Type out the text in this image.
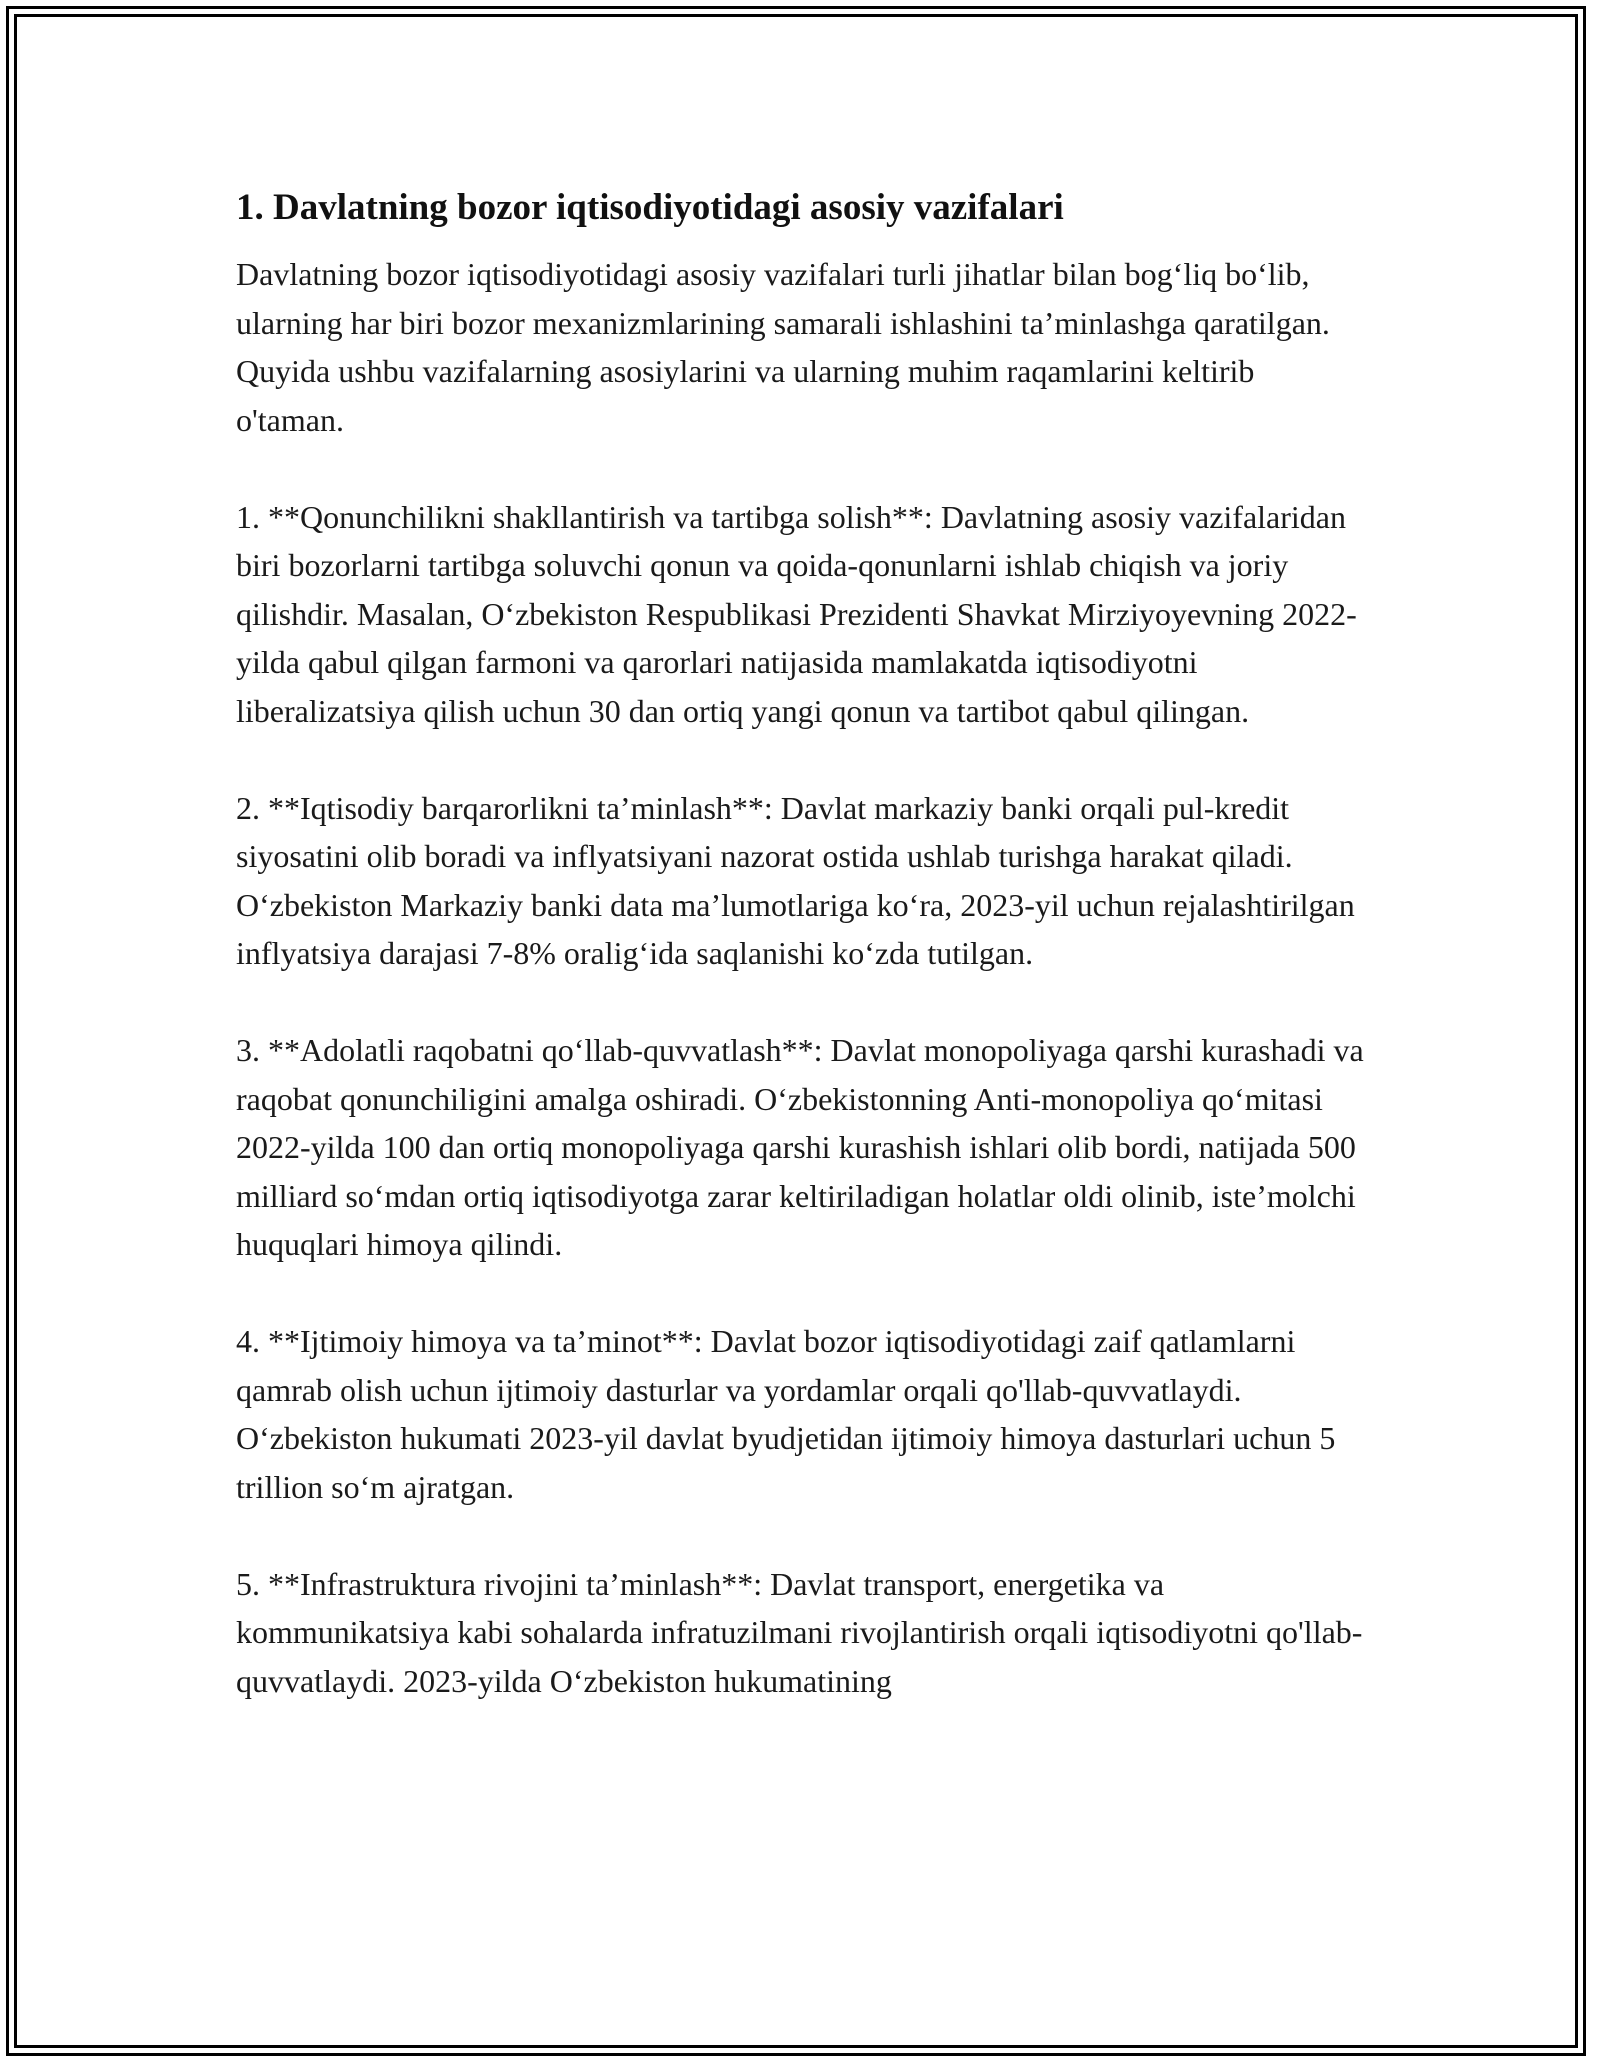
1. Davlatning bozor iqtisodiyotidagi asosiy vazifalari

Davlatning bozor iqtisodiyotidagi asosiy vazifalari turli jihatlar bilan bog‘liq bo‘lib, ularning har biri bozor mexanizmlarining samarali ishlashini ta’minlashga qaratilgan. Quyida ushbu vazifalarning asosiylarini va ularning muhim raqamlarini keltirib o'taman.

1. **Qonunchilikni shakllantirish va tartibga solish**: Davlatning asosiy vazifalaridan biri bozorlarni tartibga soluvchi qonun va qoida-qonunlarni ishlab chiqish va joriy qilishdir. Masalan, O‘zbekiston Respublikasi Prezidenti Shavkat Mirziyoyevning 2022-yilda qabul qilgan farmoni va qarorlari natijasida mamlakatda iqtisodiyotni liberalizatsiya qilish uchun 30 dan ortiq yangi qonun va tartibot qabul qilingan.

2. **Iqtisodiy barqarorlikni ta’minlash**: Davlat markaziy banki orqali pul-kredit siyosatini olib boradi va inflyatsiyani nazorat ostida ushlab turishga harakat qiladi. O‘zbekiston Markaziy banki data ma’lumotlariga ko‘ra, 2023-yil uchun rejalashtirilgan inflyatsiya darajasi 7-8% oralig‘ida saqlanishi ko‘zda tutilgan.

3. **Adolatli raqobatni qo‘llab-quvvatlash**: Davlat monopoliyaga qarshi kurashadi va raqobat qonunchiligini amalga oshiradi. O‘zbekistonning Anti-monopoliya qo‘mitasi 2022-yilda 100 dan ortiq monopoliyaga qarshi kurashish ishlari olib bordi, natijada 500 milliard so‘mdan ortiq iqtisodiyotga zarar keltiriladigan holatlar oldi olinib, iste’molchi huquqlari himoya qilindi.

4. **Ijtimoiy himoya va ta’minot**: Davlat bozor iqtisodiyotidagi zaif qatlamlarni qamrab olish uchun ijtimoiy dasturlar va yordamlar orqali qo'llab-quvvatlaydi. O‘zbekiston hukumati 2023-yil davlat byudjetidan ijtimoiy himoya dasturlari uchun 5 trillion so‘m ajratgan.

5. **Infrastruktura rivojini ta’minlash**: Davlat transport, energetika va kommunikatsiya kabi sohalarda infratuzilmani rivojlantirish orqali iqtisodiyotni qo'llab-quvvatlaydi. 2023-yilda O‘zbekiston hukumatining
